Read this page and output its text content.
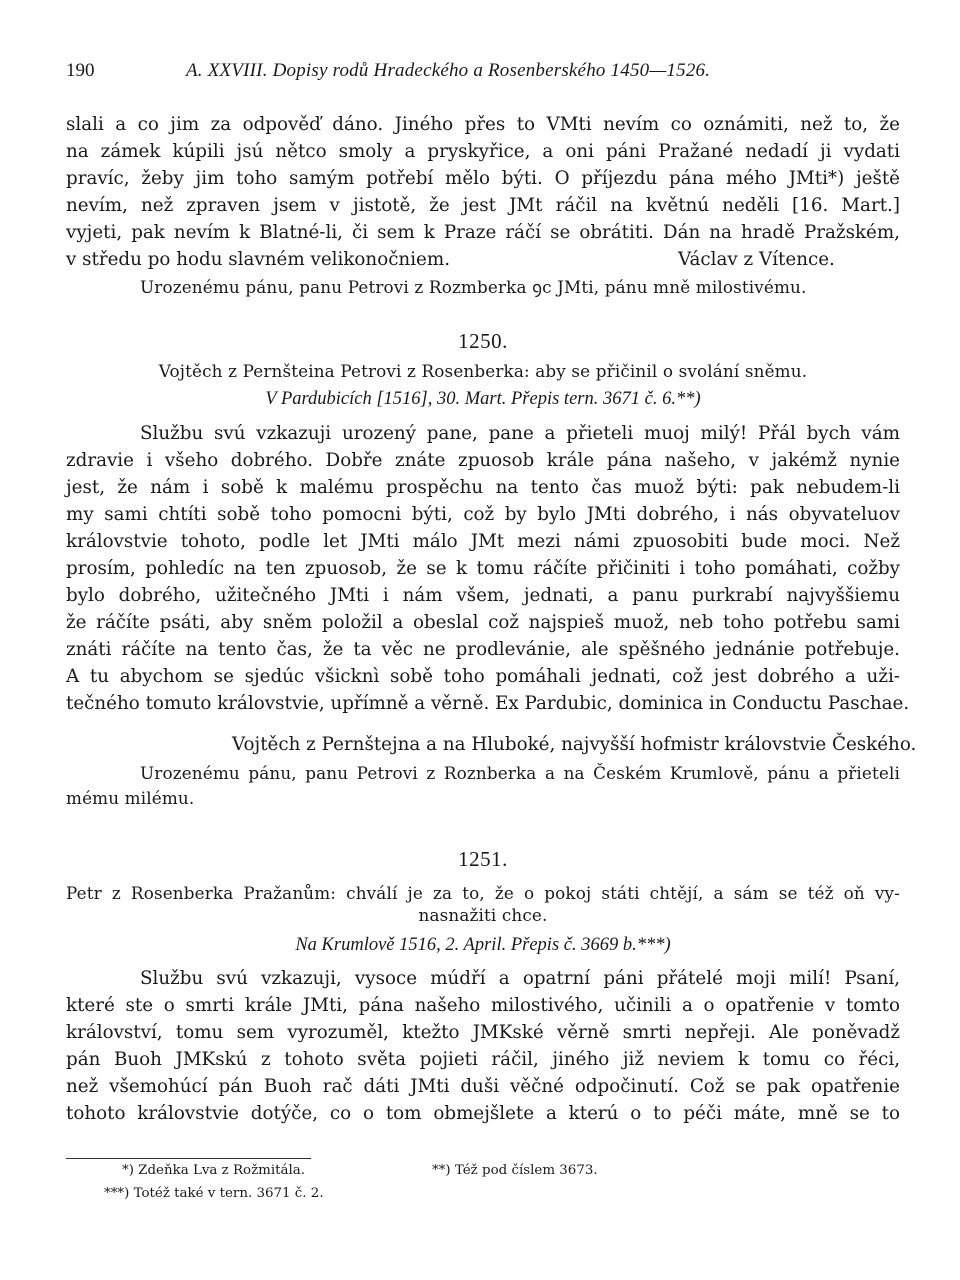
190	A. XXVIII. Dopisy rodů Hradeckého a Rosenberského 1450—1526.
slali a co jim za odpověď dáno. Jiného přes to VMti nevím co oznámiti, než to, že
na zámek kúpili jsú nětco smoly a pryskyřice, a oni páni Pražané nedadí ji vydati
pravíc, žeby jim toho samým potřebí mělo býti. O příjezdu pána mého JMti*) ještě
nevím, než zpraven jsem v jistotě, že jest JMt ráčil na květnú neděli [16. Mart.]
vyjeti, pak nevím k Blatné-li, či sem k Praze ráčí se obrátiti. Dán na hradě Pražském,
v středu po hodu slavném velikonočniem.	Václav z Vítence.
Urozenému pánu, panu Petrovi z Rozmberka ꝯc JMti, pánu mně milostivému.
1250.
Vojtěch z Pernšteina Petrovi z Rosenberka: aby se přičinil o svolání sněmu.
V Pardubicích [1516], 30. Mart. Přepis tern. 3671 č. 6.**)
Službu svú vzkazuji urozený pane, pane a přieteli muoj milý! Přál bych vám
zdravie i všeho dobrého. Dobře znáte zpuosob krále pána našeho, v jakémž nynie
jest, že nám i sobě k malému prospěchu na tento čas muož býti: pak nebudem-li
my sami chtíti sobě toho pomocni býti, což by bylo JMti dobrého, i nás obyvateluov
královstvie tohoto, podle let JMti málo JMt mezi námi zpuosobiti bude moci. Než
prosím, pohledíc na ten zpuosob, že se k tomu ráčíte přičiniti i toho pomáhati, cožby
bylo dobrého, užitečného JMti i nám všem, jednati, a panu purkrabí najvyššiemu
že ráčíte psáti, aby sněm položil a obeslal což najspieš muož, neb toho potřebu sami
znáti ráčíte na tento čas, že ta věc ne prodlevánie, ale spěšného jednánie potřebuje.
A tu abychom se sjedúc všicknì sobě toho pomáhali jednati, což jest dobrého a uži-
tečného tomuto královstvie, upřímně a věrně. Ex Pardubic, dominica in Conductu Paschae.
Vojtěch z Pernštejna a na Hluboké, najvyšší hofmistr královstvie Českého.
Urozenému pánu, panu Petrovi z Roznberka a na Českém Krumlově, pánu a přieteli
mému milému.
1251.
Petr z Rosenberka Pražanům: chválí je za to, že o pokoj státi chtějí, a sám se též oň vy-
nasnažiti chce.
Na Krumlově 1516, 2. April. Přepis č. 3669 b.***)
Službu svú vzkazuji, vysoce múdří a opatrní páni přátelé moji milí! Psaní,
které ste o smrti krále JMti, pána našeho milostivého, učinili a o opatřenie v tomto
království, tomu sem vyrozuměl, ktežto JMKské věrně smrti nepřeji. Ale poněvadž
pán Buoh JMKskú z tohoto světa pojieti ráčil, jiného již neviem k tomu co řéci,
než všemohúcí pán Buoh rač dáti JMti duši věčné odpočinutí. Což se pak opatřenie
tohoto královstvie dotýče, co o tom obmejšlete a kterú o to péči máte, mně se to
*) Zdeňka Lva z Rožmitála.	**) Též pod číslem 3673.
***) Totéž také v tern. 3671 č. 2.
